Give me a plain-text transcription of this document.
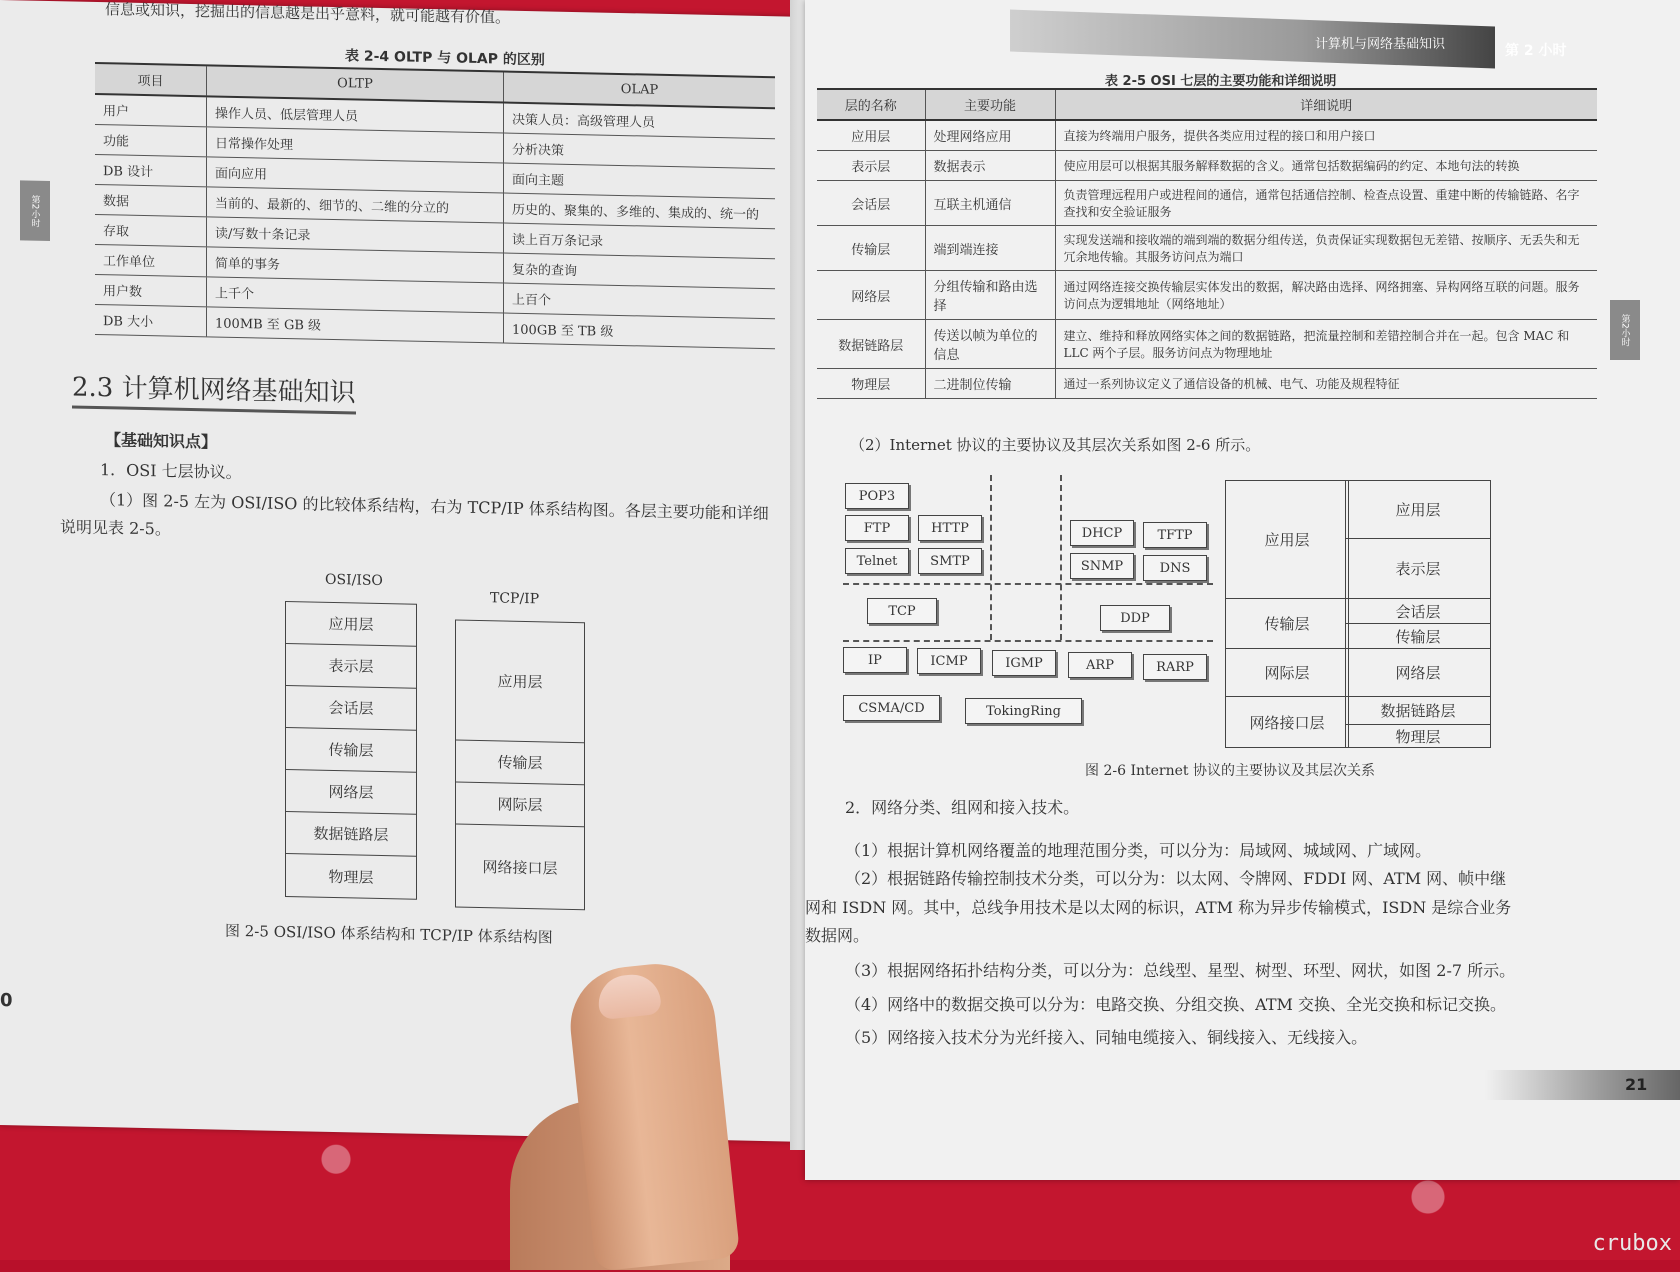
信息或知识，挖掘出的信息越是出乎意料，就可能越有价值。
第2小时
表 2-4 OLTP 与 OLAP 的区别
项目	OLTP	OLAP
用户	操作人员、低层管理人员	决策人员：高级管理人员
功能	日常操作处理	分析决策
DB 设计	面向应用	面向主题
数据	当前的、最新的、细节的、二维的分立的	历史的、聚集的、多维的、集成的、统一的
存取	读/写数十条记录	读上百万条记录
工作单位	简单的事务	复杂的查询
用户数	上千个	上百个
DB 大小	100MB 至 GB 级	100GB 至 TB 级
2.3 计算机网络基础知识
【基础知识点】
1．OSI 七层协议。
（1）图 2-5 左为 OSI/ISO 的比较体系结构，右为 TCP/IP 体系结构图。各层主要功能和详细
说明见表 2-5。
OSI/ISO
TCP/IP
应用层
表示层
会话层
传输层
网络层
数据链路层
物理层
应用层
传输层
网际层
网络接口层
图 2-5 OSI/ISO 体系结构和 TCP/IP 体系结构图
0
计算机与网络基础知识	第 2 小时
第2小时
表 2-5 OSI 七层的主要功能和详细说明
层的名称	主要功能	详细说明
应用层	处理网络应用	直接为终端用户服务，提供各类应用过程的接口和用户接口
表示层	数据表示	使应用层可以根据其服务解释数据的含义。通常包括数据编码的约定、本地句法的转换
会话层	互联主机通信	负责管理远程用户或进程间的通信，通常包括通信控制、检查点设置、重建中断的传输链路、名字查找和安全验证服务
传输层	端到端连接	实现发送端和接收端的端到端的数据分组传送，负责保证实现数据包无差错、按顺序、无丢失和无冗余地传输。其服务访问点为端口
网络层	分组传输和路由选择	通过网络连接交换传输层实体发出的数据，解决路由选择、网络拥塞、异构网络互联的问题。服务访问点为逻辑地址（网络地址）
数据链路层	传送以帧为单位的信息	建立、维持和释放网络实体之间的数据链路，把流量控制和差错控制合并在一起。包含 MAC 和 LLC 两个子层。服务访问点为物理地址
物理层	二进制位传输	通过一系列协议定义了通信设备的机械、电气、功能及规程特征
（2）Internet 协议的主要协议及其层次关系如图 2-6 所示。
POP3
FTP	HTTP
Telnet	SMTP
DHCP	TFTP
SNMP	DNS
TCP	DDP
IP	ICMP	IGMP	ARP	RARP
CSMA/CD	TokingRing
应用层
传输层
网际层
网络接口层
应用层
表示层
会话层
传输层
网络层
数据链路层
物理层
图 2-6 Internet 协议的主要协议及其层次关系
2．网络分类、组网和接入技术。
（1）根据计算机网络覆盖的地理范围分类，可以分为：局域网、城域网、广域网。
（2）根据链路传输控制技术分类，可以分为：以太网、令牌网、FDDI 网、ATM 网、帧中继
网和 ISDN 网。其中，总线争用技术是以太网的标识，ATM 称为异步传输模式，ISDN 是综合业务
数据网。
（3）根据网络拓扑结构分类，可以分为：总线型、星型、树型、环型、网状，如图 2-7 所示。
（4）网络中的数据交换可以分为：电路交换、分组交换、ATM 交换、全光交换和标记交换。
（5）网络接入技术分为光纤接入、同轴电缆接入、铜线接入、无线接入。
21
crubox
